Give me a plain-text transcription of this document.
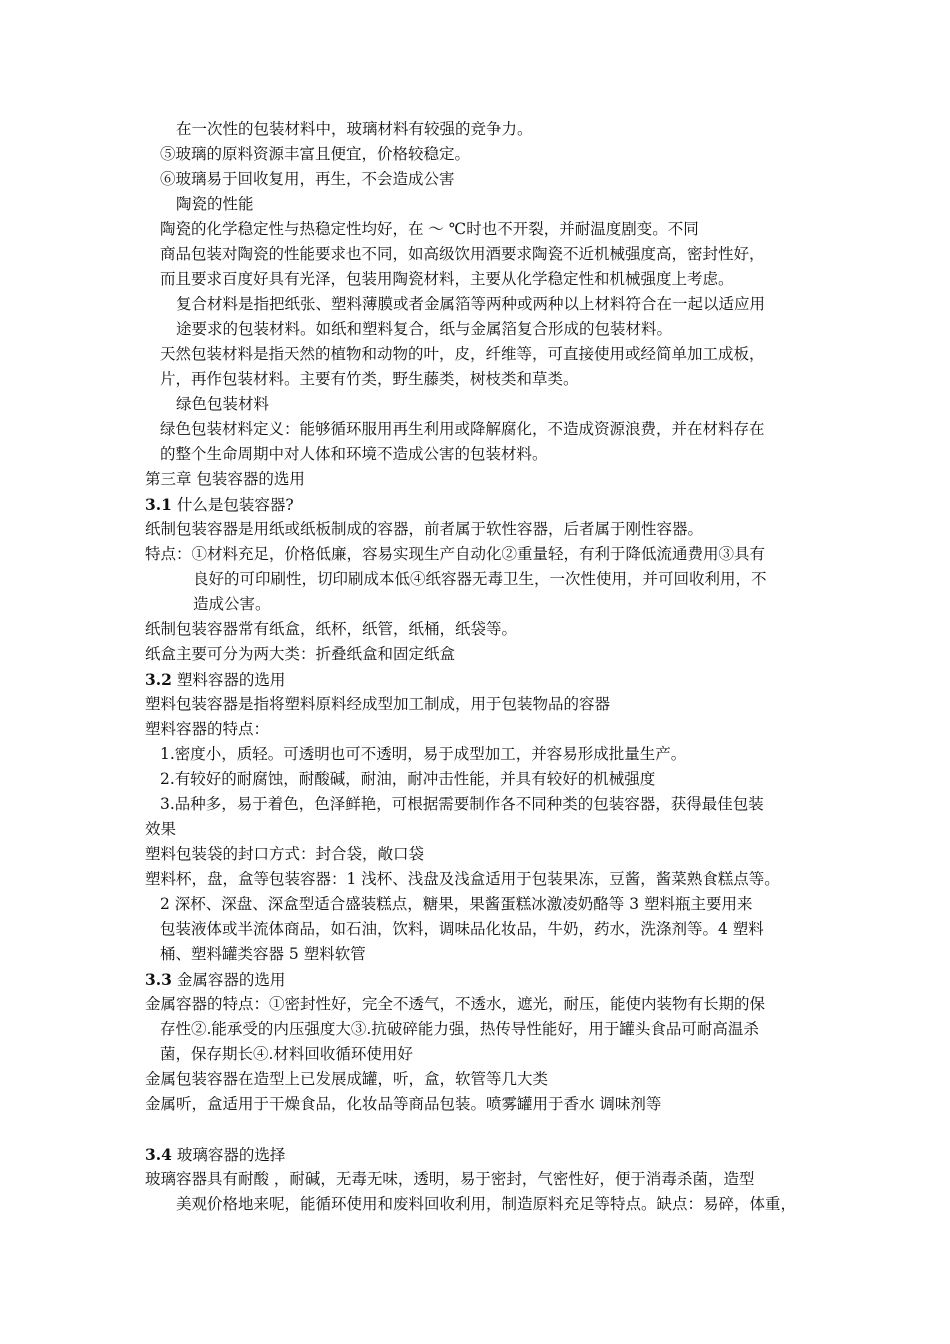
在一次性的包装材料中，玻璃材料有较强的竞争力。
⑤玻璃的原料资源丰富且便宜，价格较稳定。
⑥玻璃易于回收复用，再生，不会造成公害
陶瓷的性能
陶瓷的化学稳定性与热稳定性均好，在 ～ ℃时也不开裂，并耐温度剧变。不同
商品包装对陶瓷的性能要求也不同，如高级饮用酒要求陶瓷不近机械强度高，密封性好，
而且要求百度好具有光泽，包装用陶瓷材料，主要从化学稳定性和机械强度上考虑。
复合材料是指把纸张、塑料薄膜或者金属箔等两种或两种以上材料符合在一起以适应用
途要求的包装材料。如纸和塑料复合，纸与金属箔复合形成的包装材料。
天然包装材料是指天然的植物和动物的叶，皮，纤维等，可直接使用或经简单加工成板，
片，再作包装材料。主要有竹类，野生藤类，树枝类和草类。
绿色包装材料
绿色包装材料定义：能够循环服用再生利用或降解腐化，不造成资源浪费，并在材料存在
的整个生命周期中对人体和环境不造成公害的包装材料。
第三章 包装容器的选用
3.1 什么是包装容器?
纸制包装容器是用纸或纸板制成的容器，前者属于软性容器，后者属于刚性容器。
特点：①材料充足，价格低廉，容易实现生产自动化②重量轻，有利于降低流通费用③具有
良好的可印刷性，切印刷成本低④纸容器无毒卫生，一次性使用，并可回收利用，不
造成公害。
纸制包装容器常有纸盒，纸杯，纸管，纸桶，纸袋等。
纸盒主要可分为两大类：折叠纸盒和固定纸盒
3.2 塑料容器的选用
塑料包装容器是指将塑料原料经成型加工制成，用于包装物品的容器
塑料容器的特点：
1.密度小，质轻。可透明也可不透明，易于成型加工，并容易形成批量生产。
2.有较好的耐腐蚀，耐酸碱，耐油，耐冲击性能，并具有较好的机械强度
3.品种多，易于着色，色泽鲜艳，可根据需要制作各不同种类的包装容器，获得最佳包装
效果
塑料包装袋的封口方式：封合袋，敞口袋
塑料杯，盘，盒等包装容器：1 浅杯、浅盘及浅盒适用于包装果冻，豆酱，酱菜熟食糕点等。
2 深杯、深盘、深盒型适合盛装糕点，糖果，果酱蛋糕冰激凌奶酪等 3 塑料瓶主要用来
包装液体或半流体商品，如石油，饮料，调味品化妆品，牛奶，药水，洗涤剂等。4 塑料
桶、塑料罐类容器 5 塑料软管
3.3 金属容器的选用
金属容器的特点：①密封性好，完全不透气，不透水，遮光，耐压，能使内装物有长期的保
存性②.能承受的内压强度大③.抗破碎能力强，热传导性能好，用于罐头食品可耐高温杀
菌，保存期长④.材料回收循环使用好
金属包装容器在造型上已发展成罐，听，盒，软管等几大类
金属听，盒适用于干燥食品，化妆品等商品包装。喷雾罐用于香水 调味剂等
3.4 玻璃容器的选择
玻璃容器具有耐酸 ，耐碱，无毒无味，透明，易于密封，气密性好，便于消毒杀菌，造型
美观价格地来呢，能循环使用和废料回收利用，制造原料充足等特点。缺点：易碎，体重，
